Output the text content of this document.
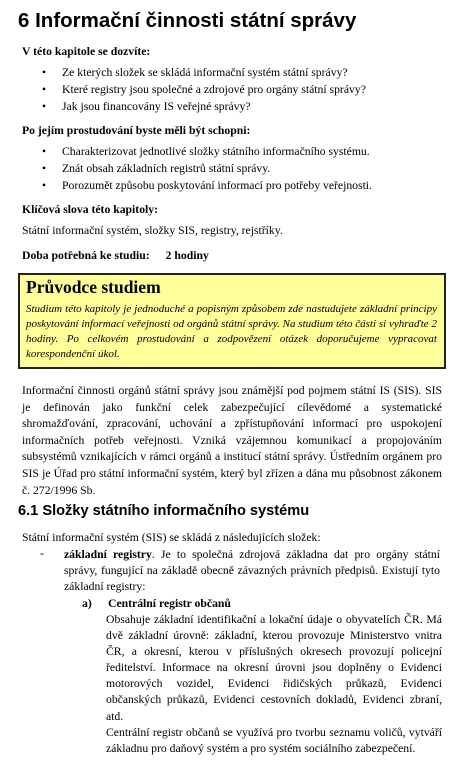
6 Informační činnosti státní správy
V této kapitole se dozvíte:
• Ze kterých složek se skládá informační systém státní správy?
• Které registry jsou společné a zdrojové pro orgány státní správy?
• Jak jsou financovány IS veřejné správy?
Po jejím prostudování byste měli být schopni:
• Charakterizovat jednotlivé složky státního informačního systému.
• Znát obsah základních registrů státní správy.
• Porozumět způsobu poskytování informací pro potřeby veřejnosti.
Klíčová slova této kapitoly:
Státní informační systém, složky SIS, registry, rejstříky.
Doba potřebná ke studiu: 2 hodiny
Průvodce studiem
Studium této kapitoly je jednoduché a popisným způsobem zde nastudujete základní principy poskytování informací veřejnosti od orgánů státní správy. Na studium této části si vyhraďte 2 hodiny. Po celkovém prostudování a zodpovězení otázek doporučujeme vypracovat korespondenční úkol.
Informační činnosti orgánů státní správy jsou známější pod pojmem státní IS (SIS). SIS je definován jako funkční celek zabezpečující cílevědomé a systematické shromažďování, zpracování, uchování a zpřístupňování informací pro uspokojení informačních potřeb veřejnosti. Vzniká vzájemnou komunikací a propojováním subsystémů vznikajících v rámci orgánů a institucí státní správy. Ústředním orgánem pro SIS je Úřad pro státní informační systém, který byl zřízen a dána mu působnost zákonem č. 272/1996 Sb.
6.1 Složky státního informačního systému
Státní informační systém (SIS) se skládá z následujících složek:
- základní registry. Je to společná zdrojová základna dat pro orgány státní správy, fungující na základě obecně závazných právních předpisů. Existují tyto základní registry:
a) Centrální registr občanů
Obsahuje základní identifikační a lokační údaje o obyvatelích ČR. Má dvě základní úrovně: základní, kterou provozuje Ministerstvo vnitra ČR, a okresní, kterou v příslušných okresech provozují policejní ředitelství. Informace na okresní úrovni jsou doplněny o Evidenci motorových vozidel, Evidenci řidičských průkazů, Evidenci občanských průkazů, Evidenci cestovních dokladů, Evidenci zbraní, atd.
Centrální registr občanů se využívá pro tvorbu seznamu voličů, vytváří základnu pro daňový systém a pro systém sociálního zabezpečení.
